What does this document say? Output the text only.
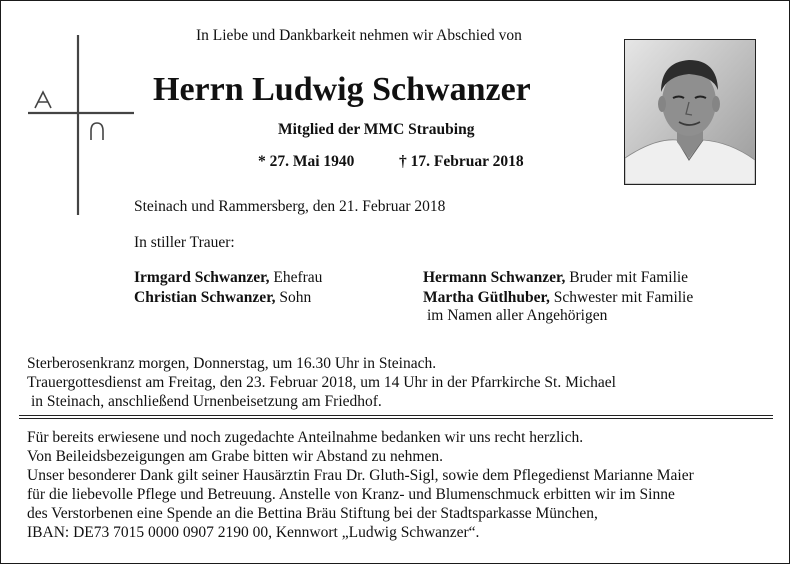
In Liebe und Dankbarkeit nehmen wir Abschied von
Herrn Ludwig Schwanzer
Mitglied der MMC Straubing
* 27. Mai 1940	† 17. Februar 2018
Steinach und Rammersberg, den 21. Februar 2018
In stiller Trauer:
Irmgard Schwanzer, Ehefrau
Christian Schwanzer, Sohn
Hermann Schwanzer, Bruder mit Familie
Martha Gütlhuber, Schwester mit Familie
im Namen aller Angehörigen
Sterberosenkranz morgen, Donnerstag, um 16.30 Uhr in Steinach.
Trauergottesdienst am Freitag, den 23. Februar 2018, um 14 Uhr in der Pfarrkirche St. Michael
in Steinach, anschließend Urnenbeisetzung am Friedhof.
Für bereits erwiesene und noch zugedachte Anteilnahme bedanken wir uns recht herzlich.
Von Beileidsbezeigungen am Grabe bitten wir Abstand zu nehmen.
Unser besonderer Dank gilt seiner Hausärztin Frau Dr. Gluth-Sigl, sowie dem Pflegedienst Marianne Maier
für die liebevolle Pflege und Betreuung. Anstelle von Kranz- und Blumenschmuck erbitten wir im Sinne
des Verstorbenen eine Spende an die Bettina Bräu Stiftung bei der Stadtsparkasse München,
IBAN: DE73 7015 0000 0907 2190 00, Kennwort „Ludwig Schwanzer“.
